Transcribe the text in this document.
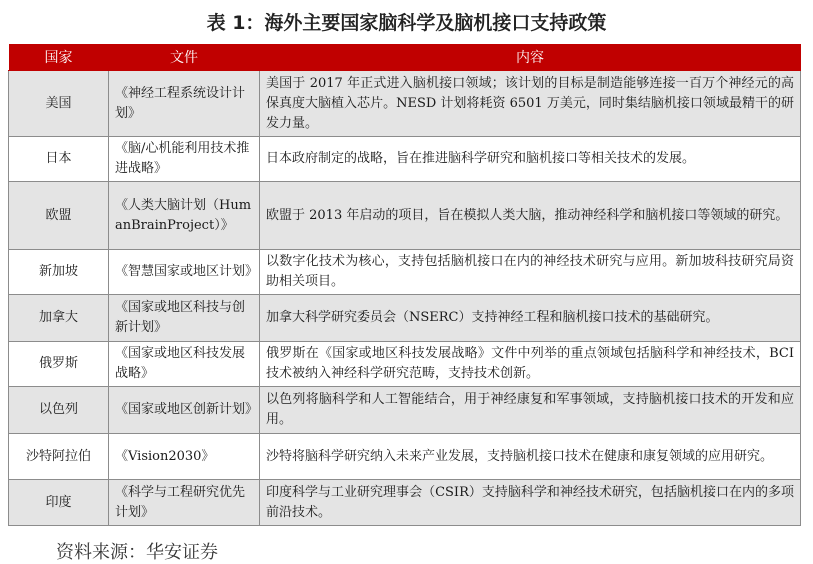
表 1：海外主要国家脑科学及脑机接口支持政策
国家	文件	内容
美国	《神经工程系统设计计划》	美国于 2017 年正式进入脑机接口领域；该计划的目标是制造能够连接一百万个神经元的高保真度大脑植入芯片。NESD 计划将耗资 6501 万美元，同时集结脑机接口领域最精干的研发力量。
日本	《脑/心机能利用技术推进战略》	日本政府制定的战略，旨在推进脑科学研究和脑机接口等相关技术的发展。
欧盟	《人类大脑计划（HumanBrainProject）》	欧盟于 2013 年启动的项目，旨在模拟人类大脑，推动神经科学和脑机接口等领域的研究。
新加坡	《智慧国家或地区计划》	以数字化技术为核心，支持包括脑机接口在内的神经技术研究与应用。新加坡科技研究局资助相关项目。
加拿大	《国家或地区科技与创新计划》	加拿大科学研究委员会（NSERC）支持神经工程和脑机接口技术的基础研究。
俄罗斯	《国家或地区科技发展战略》	俄罗斯在《国家或地区科技发展战略》文件中列举的重点领域包括脑科学和神经技术，BCI 技术被纳入神经科学研究范畴，支持技术创新。
以色列	《国家或地区创新计划》	以色列将脑科学和人工智能结合，用于神经康复和军事领域，支持脑机接口技术的开发和应用。
沙特阿拉伯	《Vision2030》	沙特将脑科学研究纳入未来产业发展，支持脑机接口技术在健康和康复领域的应用研究。
印度	《科学与工程研究优先计划》	印度科学与工业研究理事会（CSIR）支持脑科学和神经技术研究，包括脑机接口在内的多项前沿技术。
资料来源：华安证券
